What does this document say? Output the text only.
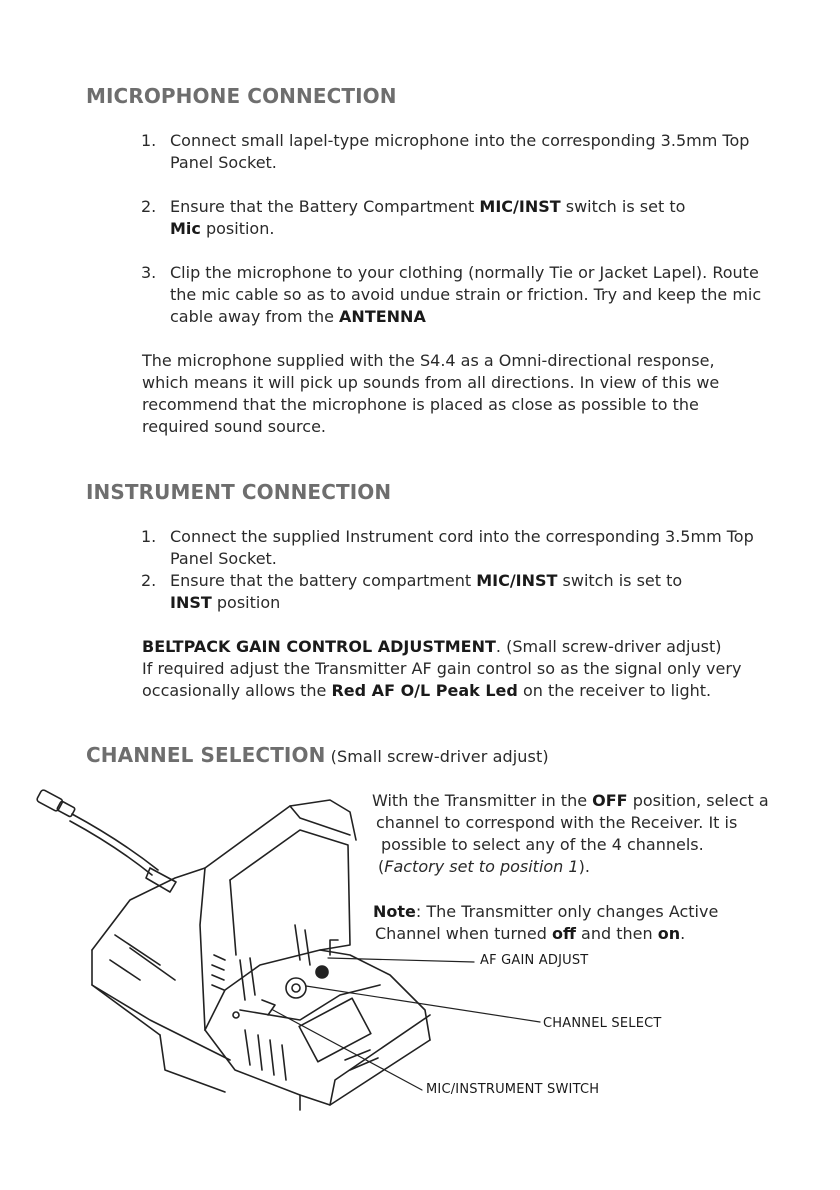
MICROPHONE CONNECTION
1. Connect small lapel-type microphone into the corresponding 3.5mm Top Panel Socket.
2. Ensure that the Battery Compartment MIC/INST switch is set to
Mic position.
3. Clip the microphone to your clothing (normally Tie or Jacket Lapel). Route the mic cable so as to avoid undue strain or friction. Try and keep the mic cable away from the ANTENNA
The microphone supplied with the S4.4 as a Omni-directional response, which means it will pick up sounds from all directions. In view of this we recommend that the microphone is placed as close as possible to the required sound source.
INSTRUMENT CONNECTION
1. Connect the supplied Instrument cord into the corresponding 3.5mm Top Panel Socket.
2. Ensure that the battery compartment MIC/INST switch is set to
INST position
BELTPACK GAIN CONTROL ADJUSTMENT. (Small screw-driver adjust)
If required adjust the Transmitter AF gain control so as the signal only very occasionally allows the Red AF O/L Peak Led on the receiver to light.
CHANNEL SELECTION (Small screw-driver adjust)
With the Transmitter in the OFF position, select a
channel to correspond with the Receiver. It is
possible to select any of the 4 channels.
(Factory set to position 1).
Note: The Transmitter only changes Active
Channel when turned off and then on.
AF GAIN ADJUST
CHANNEL SELECT
MIC/INSTRUMENT SWITCH
